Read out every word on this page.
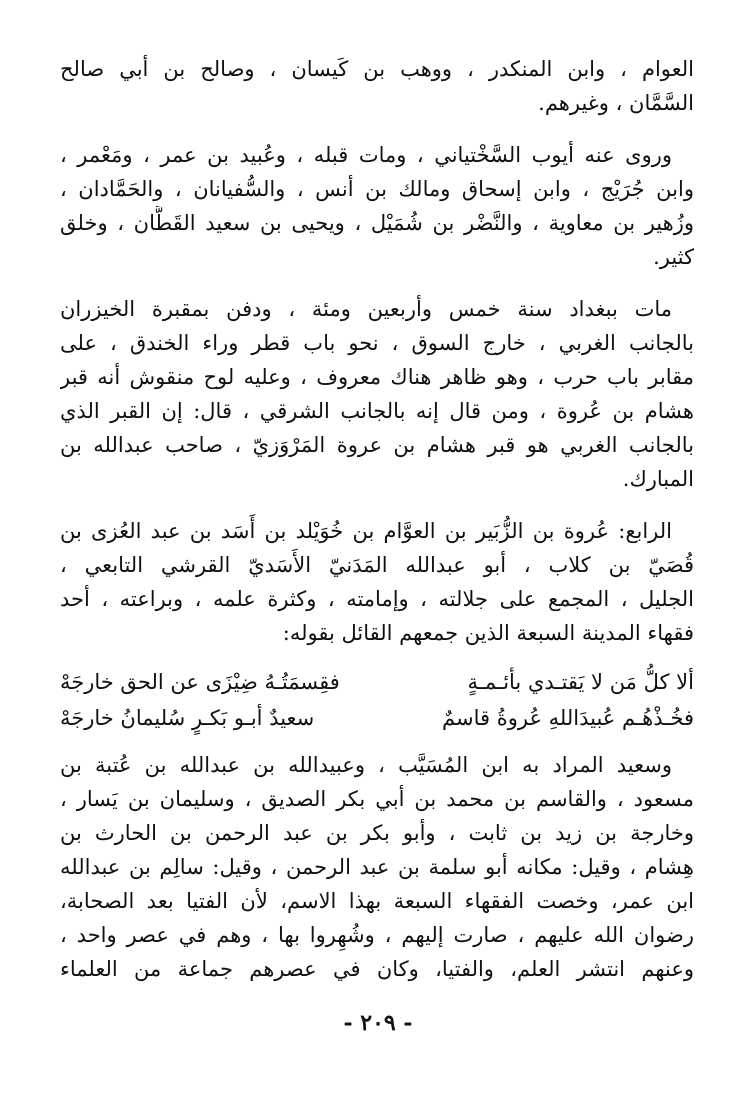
العوام ، وابن المنكدر ، ووهب بن كَيسان ، وصالح بن أبي صالح
السَّمَّان ، وغيرهم.

وروى عنه أيوب السَّخْتياني ، ومات قبله ، وعُبيد بن عمر ، ومَعْمر ،
وابن جُرَيْج ، وابن إسحاق ومالك بن أنس ، والسُّفيانان ، والحَمَّادان ،
وزُهير بن معاوية ، والنَّضْر بن شُمَيْل ، ويحيى بن سعيد القَطَّان ، وخلق
كثير.

مات ببغداد سنة خمس وأربعين ومئة ، ودفن بمقبرة الخيزران
بالجانب الغربي ، خارج السوق ، نحو باب قطر وراء الخندق ، على
مقابر باب حرب ، وهو ظاهر هناك معروف ، وعليه لوح منقوش أنه قبر
هشام بن عُروة ، ومن قال إنه بالجانب الشرقي ، قال: إن القبر الذي
بالجانب الغربي هو قبر هشام بن عروة المَرْوَزيّ ، صاحب عبدالله بن
المبارك.

الرابع: عُروة بن الزُّبَير بن العوَّام بن خُوَيْلد بن أَسَد بن عبد العُزى بن
قُصَيّ بن كلاب ، أبو عبدالله المَدَنيّ الأَسَديّ القرشي التابعي ،
الجليل ، المجمع على جلالته ، وإمامته ، وكثرة علمه ، وبراعته ، أحد
فقهاء المدينة السبعة الذين جمعهم القائل بقوله:

ألا كلُّ مَن لا يَقتـدي بأئـمـةٍ
فقِسمَتُـهُ ضِيْزَى عن الحق خارجَهْ
فخُـذْهُـم عُبيدَاللهِ عُروةُ قاسمٌ
سعيدٌ أبـو بَكـرٍ سُليمانُ خارجَهْ

وسعيد المراد به ابن المُسَيَّب ، وعبيدالله بن عبدالله بن عُتبة بن
مسعود ، والقاسم بن محمد بن أبي بكر الصديق ، وسليمان بن يَسار ،
وخارجة بن زيد بن ثابت ، وأبو بكر بن عبد الرحمن بن الحارث بن
هِشام ، وقيل: مكانه أبو سلمة بن عبد الرحمن ، وقيل: سالِم بن عبدالله
ابن عمر، وخصت الفقهاء السبعة بهذا الاسم، لأن الفتيا بعد الصحابة،
رضوان الله عليهم ، صارت إليهم ، وشُهِروا بها ، وهم في عصر واحد ،
وعنهم انتشر العلم، والفتيا، وكان في عصرهم جماعة من العلماء

- ٢٠٩ -
